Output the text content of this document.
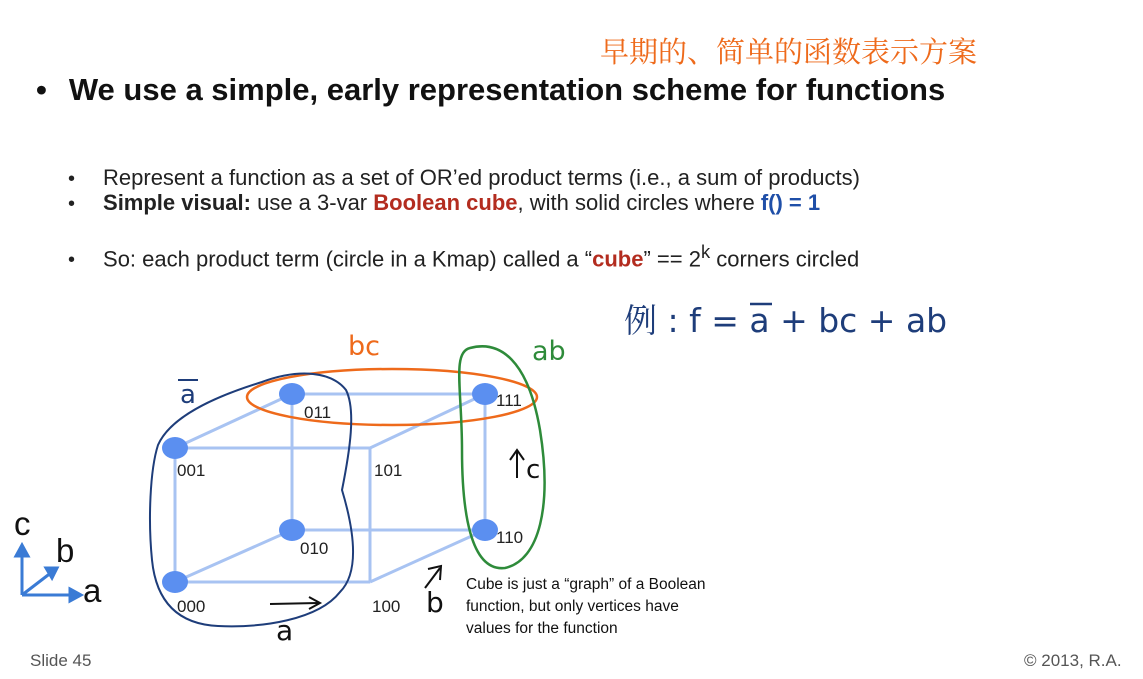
• We use a simple, early representation scheme for functions
• Represent a function as a set of OR’ed product terms (i.e., a sum of products)
• Simple visual: use a 3-var Boolean cube, with solid circles where f() = 1
• So: each product term (circle in a Kmap) called a “cube” == $2^k$ corners circled
早期的、简单的函数表示方案
000
001
010
011
100
101
110
111
bc	ab
a
c
a
b
例 : f = a + bc + ab
c
b
a	Cube is just a “graph” of a Boolean function, but only vertices have values for the function
Slide 45	© 2013, R.A.
